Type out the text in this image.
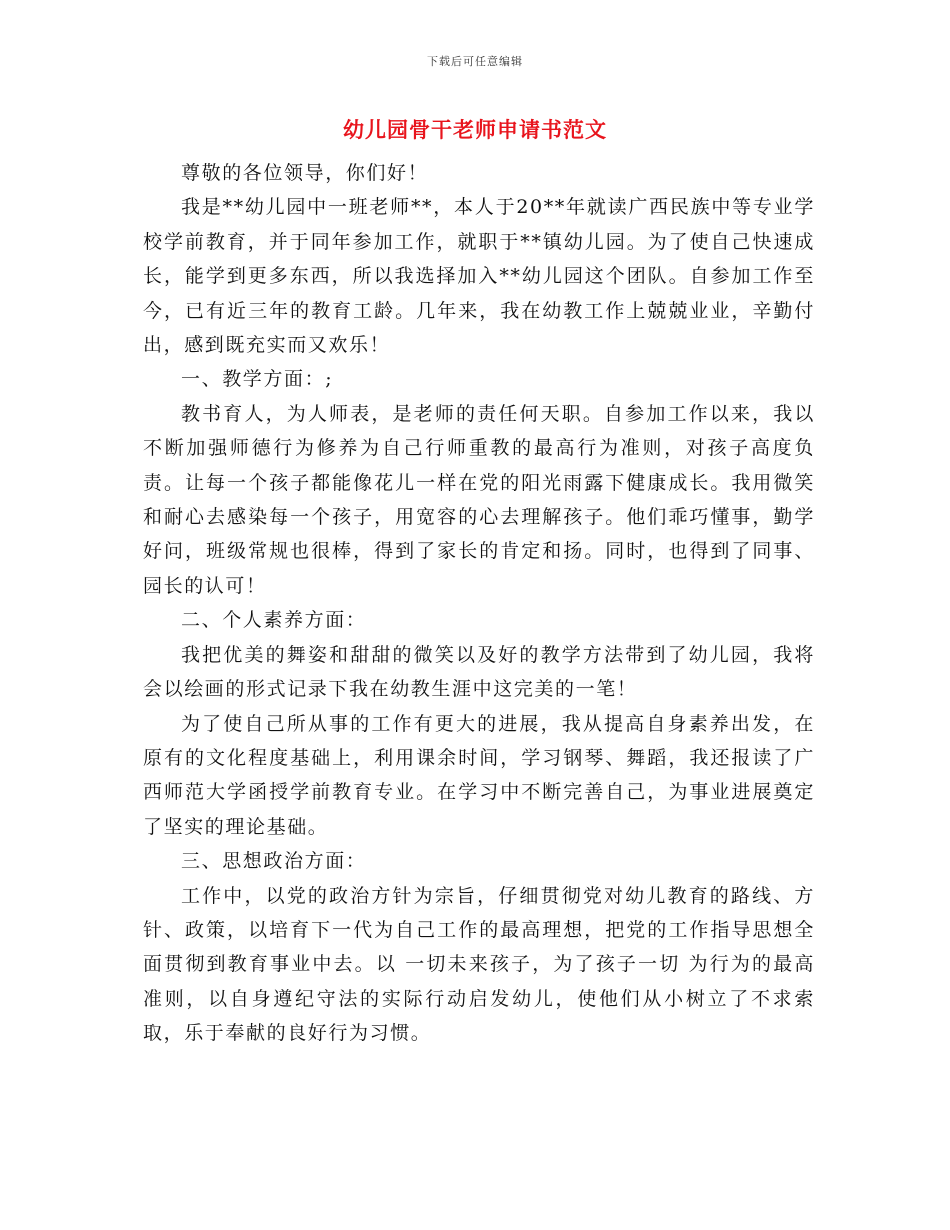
下载后可任意编辑
幼儿园骨干老师申请书范文

尊敬的各位领导，你们好！

我是**幼儿园中一班老师**，本人于20**年就读广西民族中等专业学校学前教育，并于同年参加工作，就职于**镇幼儿园。为了使自己快速成长，能学到更多东西，所以我选择加入**幼儿园这个团队。自参加工作至今，已有近三年的教育工龄。几年来，我在幼教工作上兢兢业业，辛勤付出，感到既充实而又欢乐！

一、教学方面：;

教书育人，为人师表，是老师的责任何天职。自参加工作以来，我以不断加强师德行为修养为自己行师重教的最高行为准则，对孩子高度负责。让每一个孩子都能像花儿一样在党的阳光雨露下健康成长。我用微笑和耐心去感染每一个孩子，用宽容的心去理解孩子。他们乖巧懂事，勤学好问，班级常规也很棒，得到了家长的肯定和扬。同时，也得到了同事、园长的认可！

二、个人素养方面：

我把优美的舞姿和甜甜的微笑以及好的教学方法带到了幼儿园，我将会以绘画的形式记录下我在幼教生涯中这完美的一笔！

为了使自己所从事的工作有更大的进展，我从提高自身素养出发，在原有的文化程度基础上，利用课余时间，学习钢琴、舞蹈，我还报读了广西师范大学函授学前教育专业。在学习中不断完善自己，为事业进展奠定了坚实的理论基础。

三、思想政治方面：

工作中，以党的政治方针为宗旨，仔细贯彻党对幼儿教育的路线、方针、政策，以培育下一代为自己工作的最高理想，把党的工作指导思想全面贯彻到教育事业中去。以 一切未来孩子，为了孩子一切 为行为的最高准则，以自身遵纪守法的实际行动启发幼儿，使他们从小树立了不求索取，乐于奉献的良好行为习惯。
